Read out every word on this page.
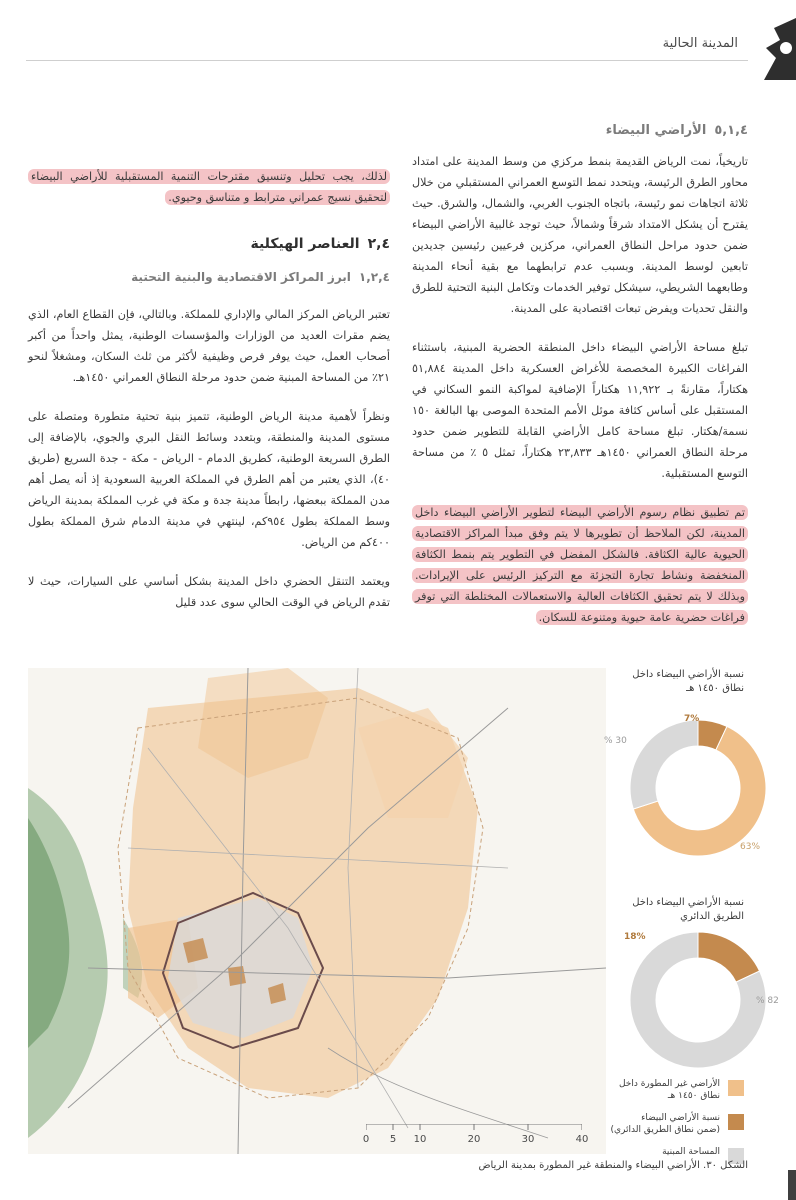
المدينة الحالية

٥,١,٤الأراضي البيضاء

تاريخياً، نمت الرياض القديمة بنمط مركزي من وسط المدينة على امتداد محاور الطرق الرئيسة، ويتحدد نمط التوسع العمراني المستقبلي من خلال ثلاثة اتجاهات نمو رئيسة، باتجاه الجنوب الغربي، والشمال، والشرق. حيث يقترح أن يشكل الامتداد شرقاً وشمالاً، حيث توجد غالبية الأراضي البيضاء ضمن حدود مراحل النطاق العمراني، مركزين فرعيين رئيسين جديدين تابعين لوسط المدينة. وبسبب عدم ترابطهما مع بقية أنحاء المدينة وطابعهما الشريطي، سيشكل توفير الخدمات وتكامل البنية التحتية للطرق والنقل تحديات ويفرض تبعات اقتصادية على المدينة.

تبلغ مساحة الأراضي البيضاء داخل المنطقة الحضرية المبنية، باستثناء الفراغات الكبيرة المخصصة للأغراض العسكرية داخل المدينة ٥١,٨٨٤ هكتاراً، مقارنةً بـ ١١,٩٢٢ هكتاراً الإضافية لمواكبة النمو السكاني في المستقبل على أساس كثافة موئل الأمم المتحدة الموصى بها البالغة ١٥٠ نسمة/هكتار. تبلغ مساحة كامل الأراضي القابلة للتطوير ضمن حدود مرحلة النطاق العمراني ١٤٥٠هـ ٢٣,٨٣٣ هكتاراً، تمثل ٥ ٪ من مساحة التوسع المستقبلية.

تم تطبيق نظام رسوم الأراضي البيضاء لتطوير الأراضي البيضاء داخل المدينة، لكن الملاحظ أن تطويرها لا يتم وفق مبدأ المراكز الاقتصادية الحيوية عالية الكثافة. فالشكل المفضل في التطوير يتم بنمط الكثافة المنخفضة ونشاط تجارة التجزئة مع التركيز الرئيس على الإيرادات. وبذلك لا يتم تحقيق الكثافات العالية والاستعمالات المختلطة التي توفر فراغات حضرية عامة حيوية ومتنوعة للسكان.

لذلك، يجب تحليل وتنسيق مقترحات التنمية المستقبلية للأراضي البيضاء لتحقيق نسيج عمراني مترابط و متناسق وحيوي.

٢,٤العناصر الهيكلية
١,٢,٤ابرز المراكز الاقتصادية والبنية التحتية

تعتبر الرياض المركز المالي والإداري للمملكة. وبالتالي، فإن القطاع العام، الذي يضم مقرات العديد من الوزارات والمؤسسات الوطنية، يمثل واحداً من أكبر أصحاب العمل، حيث يوفر فرص وظيفية لأكثر من ثلث السكان، ومشغلاً لنحو ٢١٪ من المساحة المبنية ضمن حدود مرحلة النطاق العمراني ١٤٥٠هـ.

ونظراً لأهمية مدينة الرياض الوطنية، تتميز بنية تحتية متطورة ومتصلة على مستوى المدينة والمنطقة، وبتعدد وسائط النقل البري والجوي، بالإضافة إلى الطرق السريعة الوطنية، كطريق الدمام - الرياض - مكة - جدة السريع (طريق ٤٠)، الذي يعتبر من أهم الطرق في المملكة العربية السعودية إذ أنه يصل أهم مدن المملكة ببعضها، رابطاً مدينة جدة و مكة في غرب المملكة بمدينة الرياض وسط المملكة بطول ٩٥٤كم، لينتهي في مدينة الدمام شرق المملكة بطول ٤٠٠كم من الرياض.

ويعتمد التنقل الحضري داخل المدينة بشكل أساسي على السيارات، حيث لا تقدم الرياض في الوقت الحالي سوى عدد قليل

0 5 10	20	30	40

نسبة الأراضي البيضاء داخل
نطاق ١٤٥٠ هـ

7%
63%
30 %

نسبة الأراضي البيضاء داخل
الطريق الدائري

18%
82 %
الأراضي غير المطورة داخل
نطاق ١٤٥٠ هـ
نسبة الأراضي البيضاء
(ضمن نطاق الطريق الدائري)
المساحة المبنية

الشكل ٣٠. الأراضي البيضاء والمنطقة غير المطورة بمدينة الرياض
